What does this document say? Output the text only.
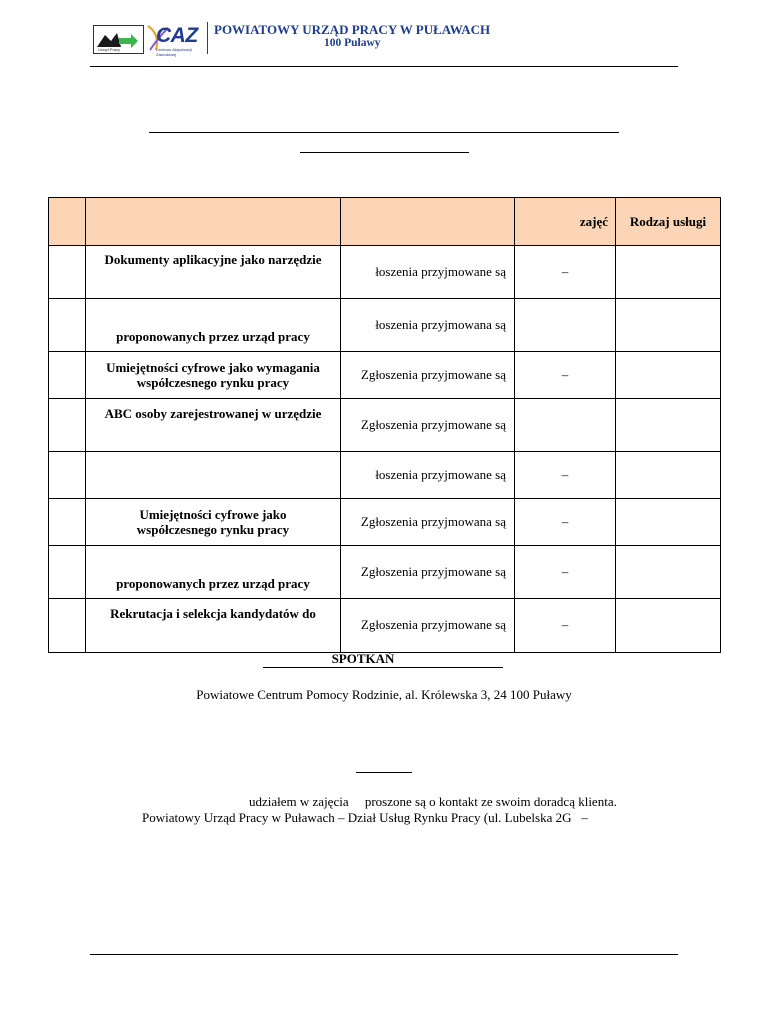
Urząd Pracy
CAZ
Centrum Aktywizacji Zawodowej
POWIATOWY URZĄD PRACY W PUŁAWACH
100 Puławy
			zajęć	Rodzaj usługi
	Dokumenty aplikacyjne jako narzędzie	łoszenia przyjmowane są	–	
	proponowanych przez urząd pracy	łoszenia przyjmowana są		
	Umiejętności cyfrowe jako wymagania współczesnego rynku pracy	Zgłoszenia przyjmowane są	–	
	ABC osoby zarejestrowanej w urzędzie	Zgłoszenia przyjmowane są		
		łoszenia przyjmowane są	–	
	Umiejętności cyfrowe jako współczesnego rynku pracy	Zgłoszenia przyjmowana są	–	
	proponowanych przez urząd pracy	Zgłoszenia przyjmowane są	–	
	Rekrutacja i selekcja kandydatów do	Zgłoszenia przyjmowane są	–	
SPOTKAŃ
Powiatowe Centrum Pomocy Rodzinie, al. Królewska 3, 24 100 Puławy
udziałem w zajęcia     proszone są o kontakt ze swoim doradcą klienta.
Powiatowy Urząd Pracy w Puławach – Dział Usług Rynku Pracy (ul. Lubelska 2G   –
